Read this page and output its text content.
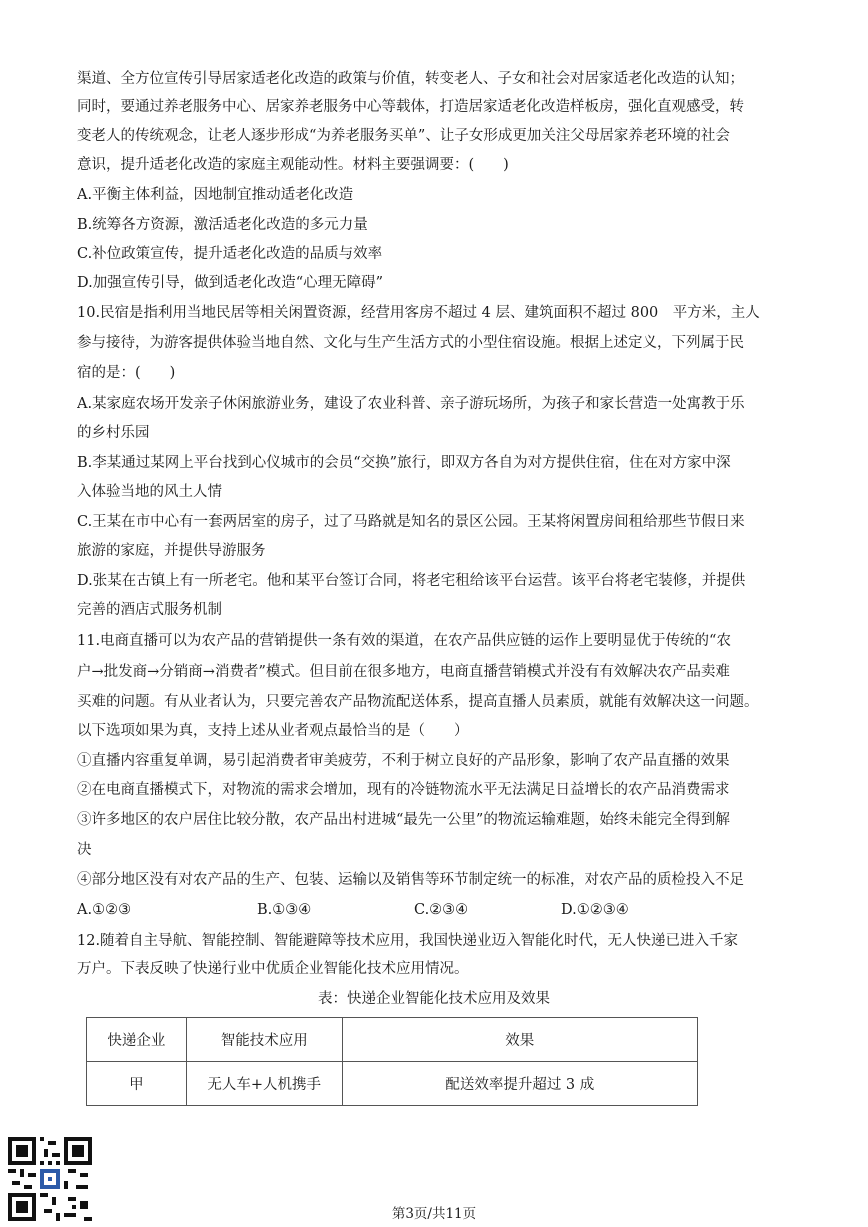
渠道、全方位宣传引导居家适老化改造的政策与价值，转变老人、子女和社会对居家适老化改造的认知；
同时，要通过养老服务中心、居家养老服务中心等载体，打造居家适老化改造样板房，强化直观感受，转
变老人的传统观念，让老人逐步形成“为养老服务买单”、让子女形成更加关注父母居家养老环境的社会
意识，提升适老化改造的家庭主观能动性。材料主要强调要：(　　)
A.平衡主体利益，因地制宜推动适老化改造
B.统筹各方资源，激活适老化改造的多元力量
C.补位政策宣传，提升适老化改造的品质与效率
D.加强宣传引导，做到适老化改造“心理无障碍”
10.民宿是指利用当地民居等相关闲置资源，经营用客房不超过 4 层、建筑面积不超过 800　平方米，主人
参与接待，为游客提供体验当地自然、文化与生产生活方式的小型住宿设施。根据上述定义，下列属于民
宿的是：(　　)
A.某家庭农场开发亲子休闲旅游业务，建设了农业科普、亲子游玩场所，为孩子和家长营造一处寓教于乐
的乡村乐园
B.李某通过某网上平台找到心仪城市的会员“交换”旅行，即双方各自为对方提供住宿，住在对方家中深
入体验当地的风土人情
C.王某在市中心有一套两居室的房子，过了马路就是知名的景区公园。王某将闲置房间租给那些节假日来
旅游的家庭，并提供导游服务
D.张某在古镇上有一所老宅。他和某平台签订合同，将老宅租给该平台运营。该平台将老宅装修，并提供
完善的酒店式服务机制
11.电商直播可以为农产品的营销提供一条有效的渠道，在农产品供应链的运作上要明显优于传统的“农
户→批发商→分销商→消费者”模式。但目前在很多地方，电商直播营销模式并没有有效解决农产品卖难
买难的问题。有从业者认为，只要完善农产品物流配送体系，提高直播人员素质，就能有效解决这一问题。
以下选项如果为真，支持上述从业者观点最恰当的是（　　）
①直播内容重复单调，易引起消费者审美疲劳，不利于树立良好的产品形象，影响了农产品直播的效果
②在电商直播模式下，对物流的需求会增加，现有的冷链物流水平无法满足日益增长的农产品消费需求
③许多地区的农户居住比较分散，农产品出村进城“最先一公里”的物流运输难题，始终未能完全得到解
决
④部分地区没有对农产品的生产、包装、运输以及销售等环节制定统一的标准，对农产品的质检投入不足
A.①②③	B.①③④	C.②③④	D.①②③④
12.随着自主导航、智能控制、智能避障等技术应用，我国快递业迈入智能化时代，无人快递已进入千家
万户。下表反映了快递行业中优质企业智能化技术应用情况。
表：快递企业智能化技术应用及效果
快递企业	智能技术应用	效果
甲	无人车+人机携手	配送效率提升超过 3 成
第3页/共11页
